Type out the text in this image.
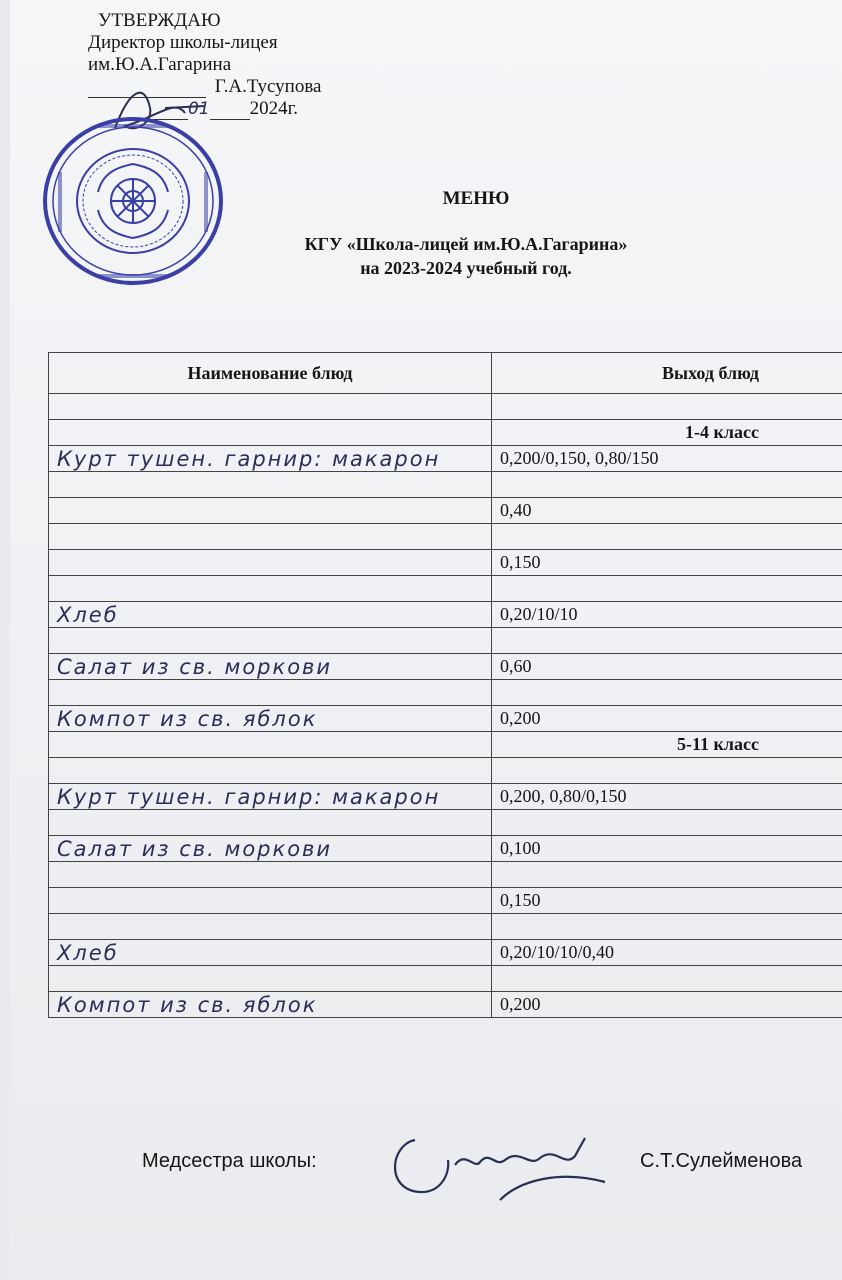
УТВЕРЖДАЮ
Директор школы-лицея
им.Ю.А.Гагарина
Г.А.Тусупова
01 2024г.
МЕНЮ
КГУ «Школа-лицей им.Ю.А.Гагарина»
на 2023-2024 учебный год.
Наименование блюд	Выход блюд

	1-4 класс
Курт тушен. гарнир: макарон	0,200/0,150, 0,80/150

	0,40

	0,150

Хлеб	0,20/10/10

Салат из св. моркови	0,60

Компот из св. яблок	0,200
	5-11 класс

Курт тушен. гарнир: макарон	0,200, 0,80/0,150

Салат из св. моркови	0,100

	0,150

Хлеб	0,20/10/10/0,40

Компот из св. яблок	0,200
Медсестра школы:	С.Т.Сулейменова
